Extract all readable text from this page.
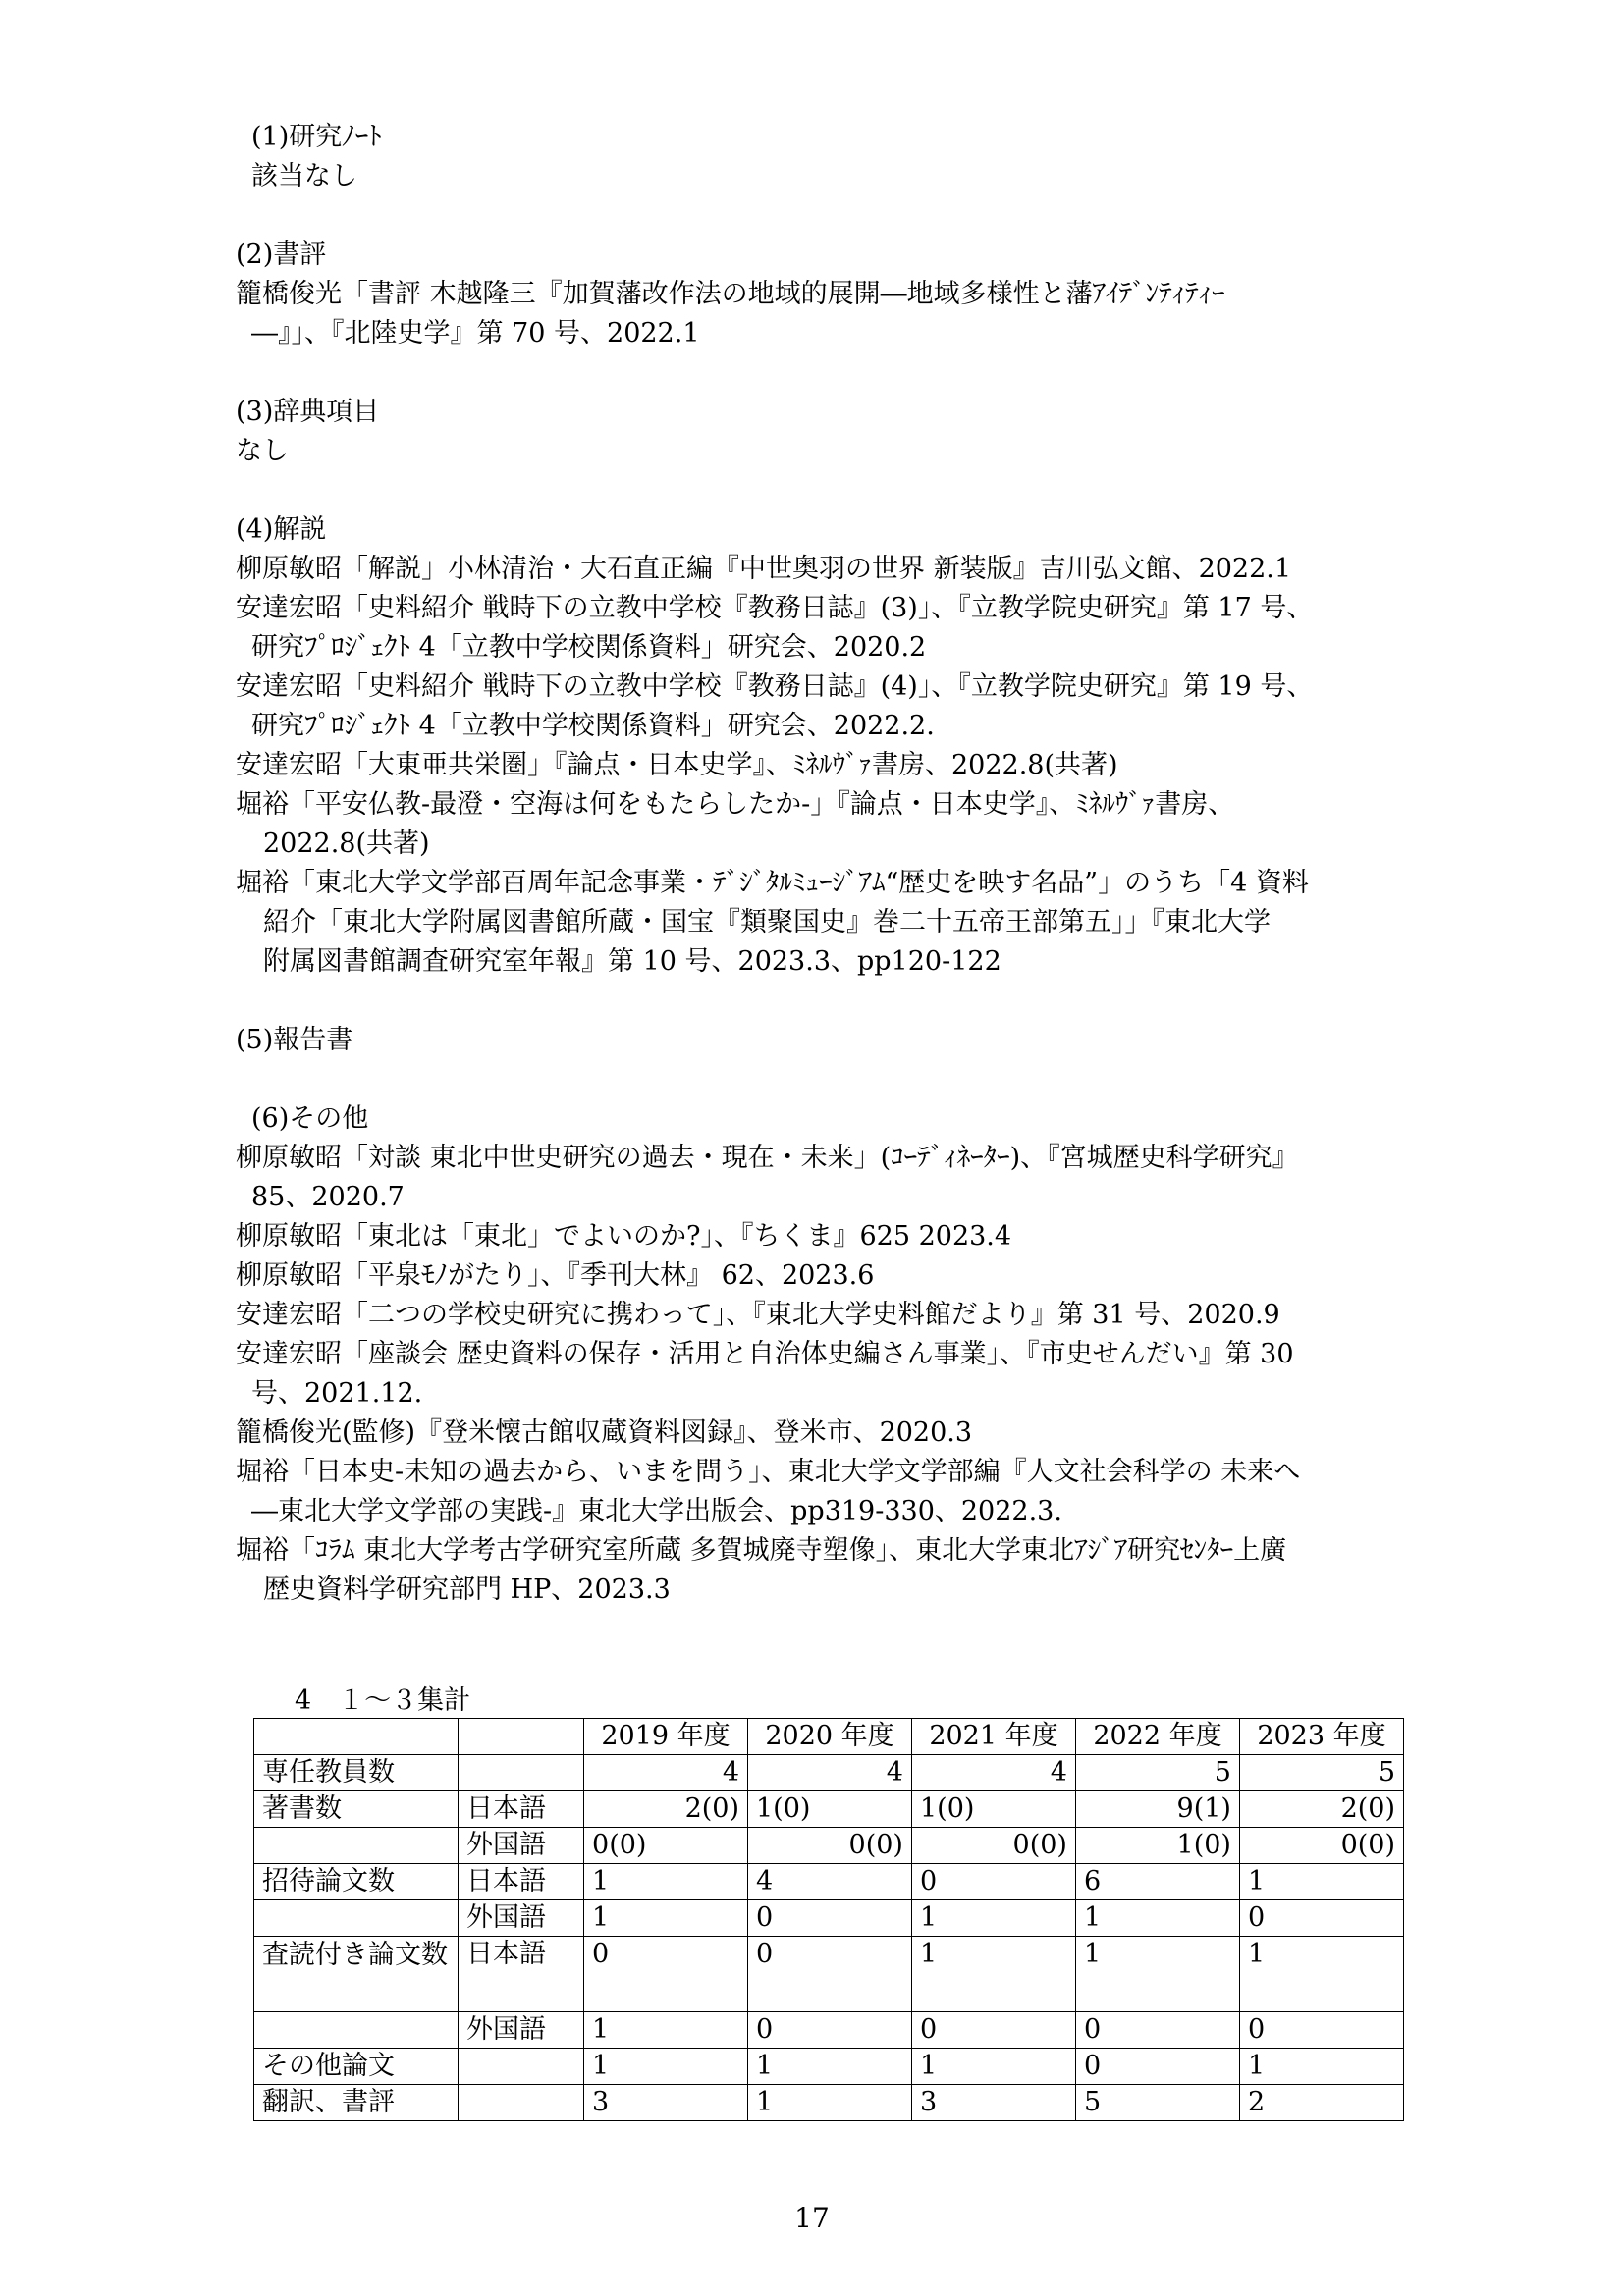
(1)研究ﾉｰﾄ
該当なし
(2)書評
籠橋俊光「書評 木越隆三『加賀藩改作法の地域的展開―地域多様性と藩ｱｲﾃﾞﾝﾃｨﾃｨｰ
―』」、『北陸史学』第 70 号、2022.1
(3)辞典項目
なし
(4)解説
柳原敏昭「解説」小林清治・大石直正編『中世奥羽の世界 新装版』吉川弘文館、2022.1
安達宏昭「史料紹介 戦時下の立教中学校『教務日誌』(3)」、『立教学院史研究』第 17 号、
研究ﾌﾟﾛｼﾞｪｸﾄ 4「立教中学校関係資料」研究会、2020.2
安達宏昭「史料紹介 戦時下の立教中学校『教務日誌』(4)」、『立教学院史研究』第 19 号、
研究ﾌﾟﾛｼﾞｪｸﾄ 4「立教中学校関係資料」研究会、2022.2.
安達宏昭「大東亜共栄圏」『論点・日本史学』、ﾐﾈﾙｳﾞｧ書房、2022.8(共著)
堀裕「平安仏教-最澄・空海は何をもたらしたか-」『論点・日本史学』、ﾐﾈﾙｳﾞｧ書房、
2022.8(共著)
堀裕「東北大学文学部百周年記念事業・ﾃﾞｼﾞﾀﾙﾐｭｰｼﾞｱﾑ“歴史を映す名品”」のうち「4 資料
紹介「東北大学附属図書館所蔵・国宝『類聚国史』巻二十五帝王部第五」」『東北大学
附属図書館調査研究室年報』第 10 号、2023.3、pp120-122
(5)報告書
(6)その他
柳原敏昭「対談 東北中世史研究の過去・現在・未来」(ｺｰﾃﾞｨﾈｰﾀｰ)、『宮城歴史科学研究』
85、2020.7
柳原敏昭「東北は「東北」でよいのか?」、『ちくま』625 2023.4
柳原敏昭「平泉ﾓﾉがたり」、『季刊大林』 62、2023.6
安達宏昭「二つの学校史研究に携わって」、『東北大学史料館だより』第 31 号、2020.9
安達宏昭「座談会 歴史資料の保存・活用と自治体史編さん事業」、『市史せんだい』第 30
号、2021.12.
籠橋俊光(監修)『登米懐古館収蔵資料図録』、登米市、2020.3
堀裕「日本史-未知の過去から、いまを問う」、東北大学文学部編『人文社会科学の 未来へ
―東北大学文学部の実践-』東北大学出版会、pp319-330、2022.3.
堀裕「ｺﾗﾑ 東北大学考古学研究室所蔵 多賀城廃寺塑像」、東北大学東北ｱｼﾞｱ研究ｾﾝﾀｰ上廣
歴史資料学研究部門 HP、2023.3
4　１～３集計
		2019 年度	2020 年度	2021 年度	2022 年度	2023 年度
専任教員数		4	4	4	5	5
著書数	日本語	2(0)	1(0)	1(0)	9(1)	2(0)
	外国語	0(0)	0(0)	0(0)	1(0)	0(0)
招待論文数	日本語	1	4	0	6	1
	外国語	1	0	1	1	0
査読付き論文数	日本語	0	0	1	1	1
	外国語	1	0	0	0	0
その他論文		1	1	1	0	1
翻訳、書評		3	1	3	5	2
17
